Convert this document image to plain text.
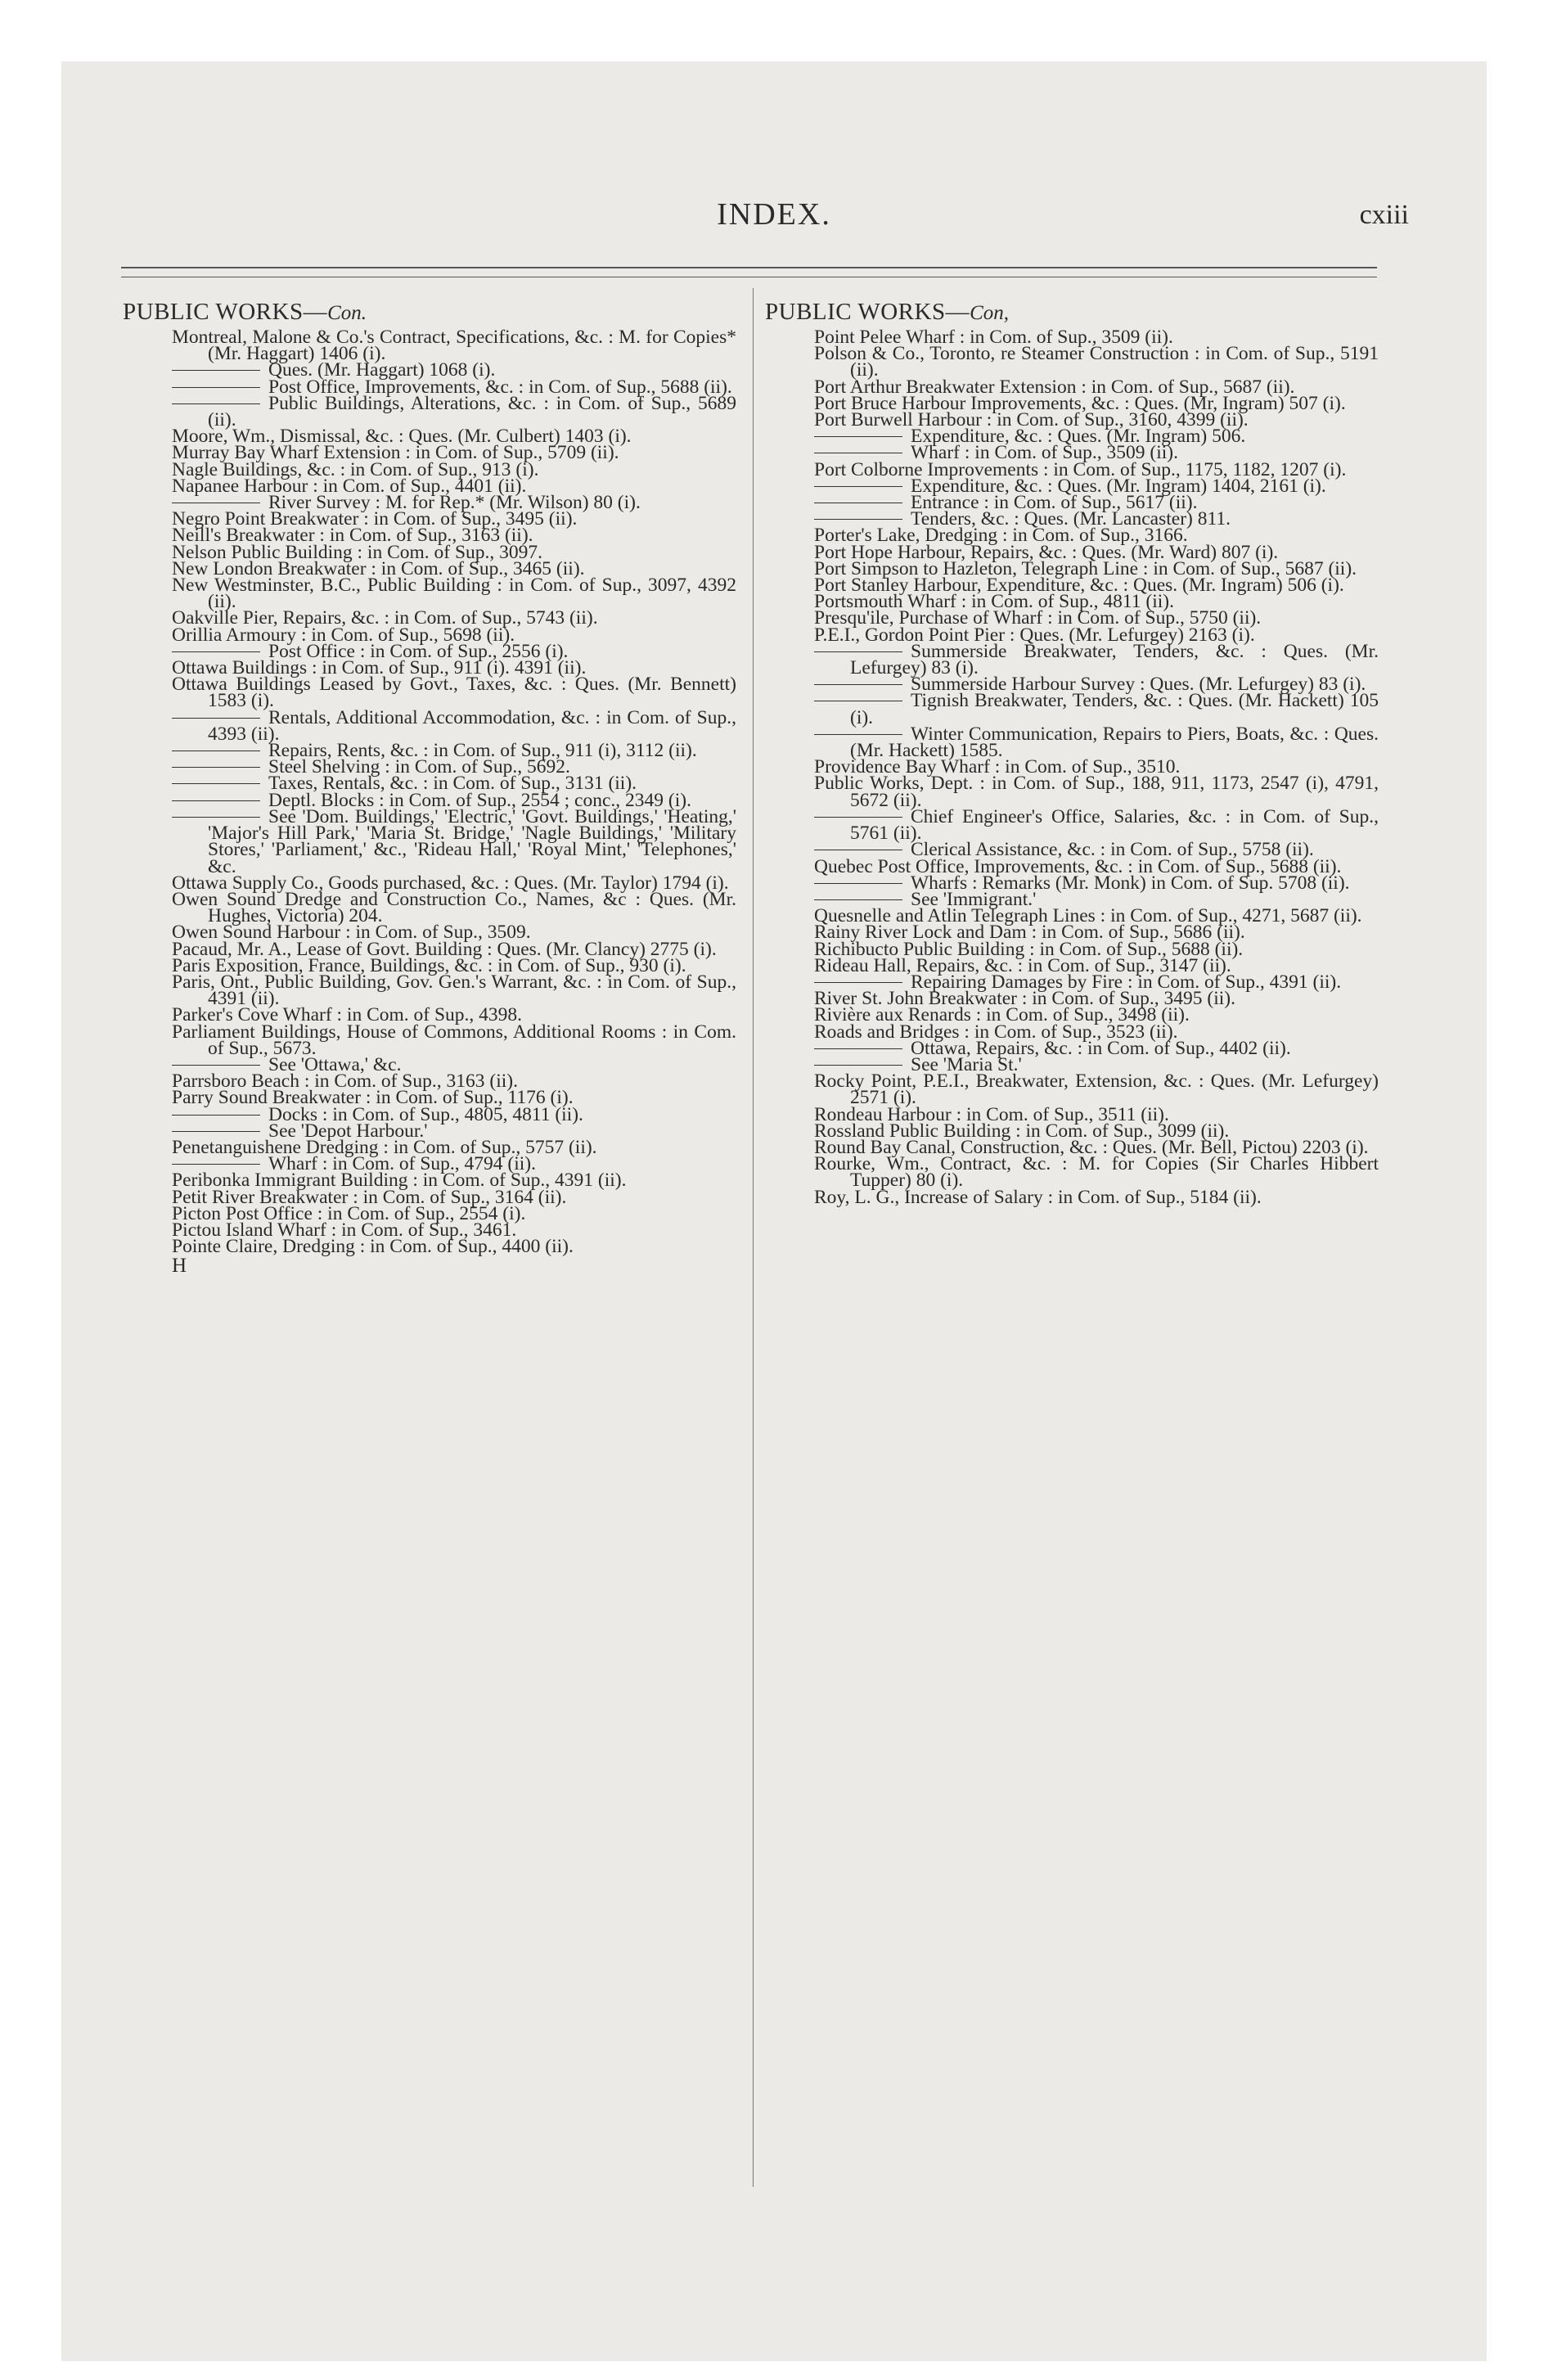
INDEX.	cxiii
PUBLIC WORKS—Con.
Montreal, Malone & Co.'s Contract, Specifications, &c. : M. for Copies* (Mr. Haggart) 1406 (i).
Ques. (Mr. Haggart) 1068 (i).
Post Office, Improvements, &c. : in Com. of Sup., 5688 (ii).
Public Buildings, Alterations, &c. : in Com. of Sup., 5689 (ii).
Moore, Wm., Dismissal, &c. : Ques. (Mr. Culbert) 1403 (i).
Murray Bay Wharf Extension : in Com. of Sup., 5709 (ii).
Nagle Buildings, &c. : in Com. of Sup., 913 (i).
Napanee Harbour : in Com. of Sup., 4401 (ii).
River Survey : M. for Rep.* (Mr. Wilson) 80 (i).
Negro Point Breakwater : in Com. of Sup., 3495 (ii).
Neill's Breakwater : in Com. of Sup., 3163 (ii).
Nelson Public Building : in Com. of Sup., 3097.
New London Breakwater : in Com. of Sup., 3465 (ii).
New Westminster, B.C., Public Building : in Com. of Sup., 3097, 4392 (ii).
Oakville Pier, Repairs, &c. : in Com. of Sup., 5743 (ii).
Orillia Armoury : in Com. of Sup., 5698 (ii).
Post Office : in Com. of Sup., 2556 (i).
Ottawa Buildings : in Com. of Sup., 911 (i). 4391 (ii).
Ottawa Buildings Leased by Govt., Taxes, &c. : Ques. (Mr. Bennett) 1583 (i).
Rentals, Additional Accommodation, &c. : in Com. of Sup., 4393 (ii).
Repairs, Rents, &c. : in Com. of Sup., 911 (i), 3112 (ii).
Steel Shelving : in Com. of Sup., 5692.
Taxes, Rentals, &c. : in Com. of Sup., 3131 (ii).
Deptl. Blocks : in Com. of Sup., 2554 ; conc., 2349 (i).
See 'Dom. Buildings,' 'Electric,' 'Govt. Buildings,' 'Heating,' 'Major's Hill Park,' 'Maria St. Bridge,' 'Nagle Buildings,' 'Military Stores,' 'Parliament,' &c., 'Rideau Hall,' 'Royal Mint,' 'Telephones,' &c.
Ottawa Supply Co., Goods purchased, &c. : Ques. (Mr. Taylor) 1794 (i).
Owen Sound Dredge and Construction Co., Names, &c : Ques. (Mr. Hughes, Victoria) 204.
Owen Sound Harbour : in Com. of Sup., 3509.
Pacaud, Mr. A., Lease of Govt. Building : Ques. (Mr. Clancy) 2775 (i).
Paris Exposition, France, Buildings, &c. : in Com. of Sup., 930 (i).
Paris, Ont., Public Building, Gov. Gen.'s Warrant, &c. : in Com. of Sup., 4391 (ii).
Parker's Cove Wharf : in Com. of Sup., 4398.
Parliament Buildings, House of Commons, Additional Rooms : in Com. of Sup., 5673.
See 'Ottawa,' &c.
Parrsboro Beach : in Com. of Sup., 3163 (ii).
Parry Sound Breakwater : in Com. of Sup., 1176 (i).
Docks : in Com. of Sup., 4805, 4811 (ii).
See 'Depot Harbour.'
Penetanguishene Dredging : in Com. of Sup., 5757 (ii).
Wharf : in Com. of Sup., 4794 (ii).
Peribonka Immigrant Building : in Com. of Sup., 4391 (ii).
Petit River Breakwater : in Com. of Sup., 3164 (ii).
Picton Post Office : in Com. of Sup., 2554 (i).
Pictou Island Wharf : in Com. of Sup., 3461.
Pointe Claire, Dredging : in Com. of Sup., 4400 (ii).
H
PUBLIC WORKS—Con,
Point Pelee Wharf : in Com. of Sup., 3509 (ii).
Polson & Co., Toronto, re Steamer Construction : in Com. of Sup., 5191 (ii).
Port Arthur Breakwater Extension : in Com. of Sup., 5687 (ii).
Port Bruce Harbour Improvements, &c. : Ques. (Mr, Ingram) 507 (i).
Port Burwell Harbour : in Com. of Sup., 3160, 4399 (ii).
Expenditure, &c. : Ques. (Mr. Ingram) 506.
Wharf : in Com. of Sup., 3509 (ii).
Port Colborne Improvements : in Com. of Sup., 1175, 1182, 1207 (i).
Expenditure, &c. : Ques. (Mr. Ingram) 1404, 2161 (i).
Entrance : in Com. of Sup., 5617 (ii).
Tenders, &c. : Ques. (Mr. Lancaster) 811.
Porter's Lake, Dredging : in Com. of Sup., 3166.
Port Hope Harbour, Repairs, &c. : Ques. (Mr. Ward) 807 (i).
Port Simpson to Hazleton, Telegraph Line : in Com. of Sup., 5687 (ii).
Port Stanley Harbour, Expenditure, &c. : Ques. (Mr. Ingram) 506 (i).
Portsmouth Wharf : in Com. of Sup., 4811 (ii).
Presqu'ile, Purchase of Wharf : in Com. of Sup., 5750 (ii).
P.E.I., Gordon Point Pier : Ques. (Mr. Lefurgey) 2163 (i).
Summerside Breakwater, Tenders, &c. : Ques. (Mr. Lefurgey) 83 (i).
Summerside Harbour Survey : Ques. (Mr. Lefurgey) 83 (i).
Tignish Breakwater, Tenders, &c. : Ques. (Mr. Hackett) 105 (i).
Winter Communication, Repairs to Piers, Boats, &c. : Ques. (Mr. Hackett) 1585.
Providence Bay Wharf : in Com. of Sup., 3510.
Public Works, Dept. : in Com. of Sup., 188, 911, 1173, 2547 (i), 4791, 5672 (ii).
Chief Engineer's Office, Salaries, &c. : in Com. of Sup., 5761 (ii).
Clerical Assistance, &c. : in Com. of Sup., 5758 (ii).
Quebec Post Office, Improvements, &c. : in Com. of Sup., 5688 (ii).
Wharfs : Remarks (Mr. Monk) in Com. of Sup. 5708 (ii).
See 'Immigrant.'
Quesnelle and Atlin Telegraph Lines : in Com. of Sup., 4271, 5687 (ii).
Rainy River Lock and Dam : in Com. of Sup., 5686 (ii).
Richibucto Public Building : in Com. of Sup., 5688 (ii).
Rideau Hall, Repairs, &c. : in Com. of Sup., 3147 (ii).
Repairing Damages by Fire : in Com. of Sup., 4391 (ii).
River St. John Breakwater : in Com. of Sup., 3495 (ii).
Rivière aux Renards : in Com. of Sup., 3498 (ii).
Roads and Bridges : in Com. of Sup., 3523 (ii).
Ottawa, Repairs, &c. : in Com. of Sup., 4402 (ii).
See 'Maria St.'
Rocky Point, P.E.I., Breakwater, Extension, &c. : Ques. (Mr. Lefurgey) 2571 (i).
Rondeau Harbour : in Com. of Sup., 3511 (ii).
Rossland Public Building : in Com. of Sup., 3099 (ii).
Round Bay Canal, Construction, &c. : Ques. (Mr. Bell, Pictou) 2203 (i).
Rourke, Wm., Contract, &c. : M. for Copies (Sir Charles Hibbert Tupper) 80 (i).
Roy, L. G., Increase of Salary : in Com. of Sup., 5184 (ii).
